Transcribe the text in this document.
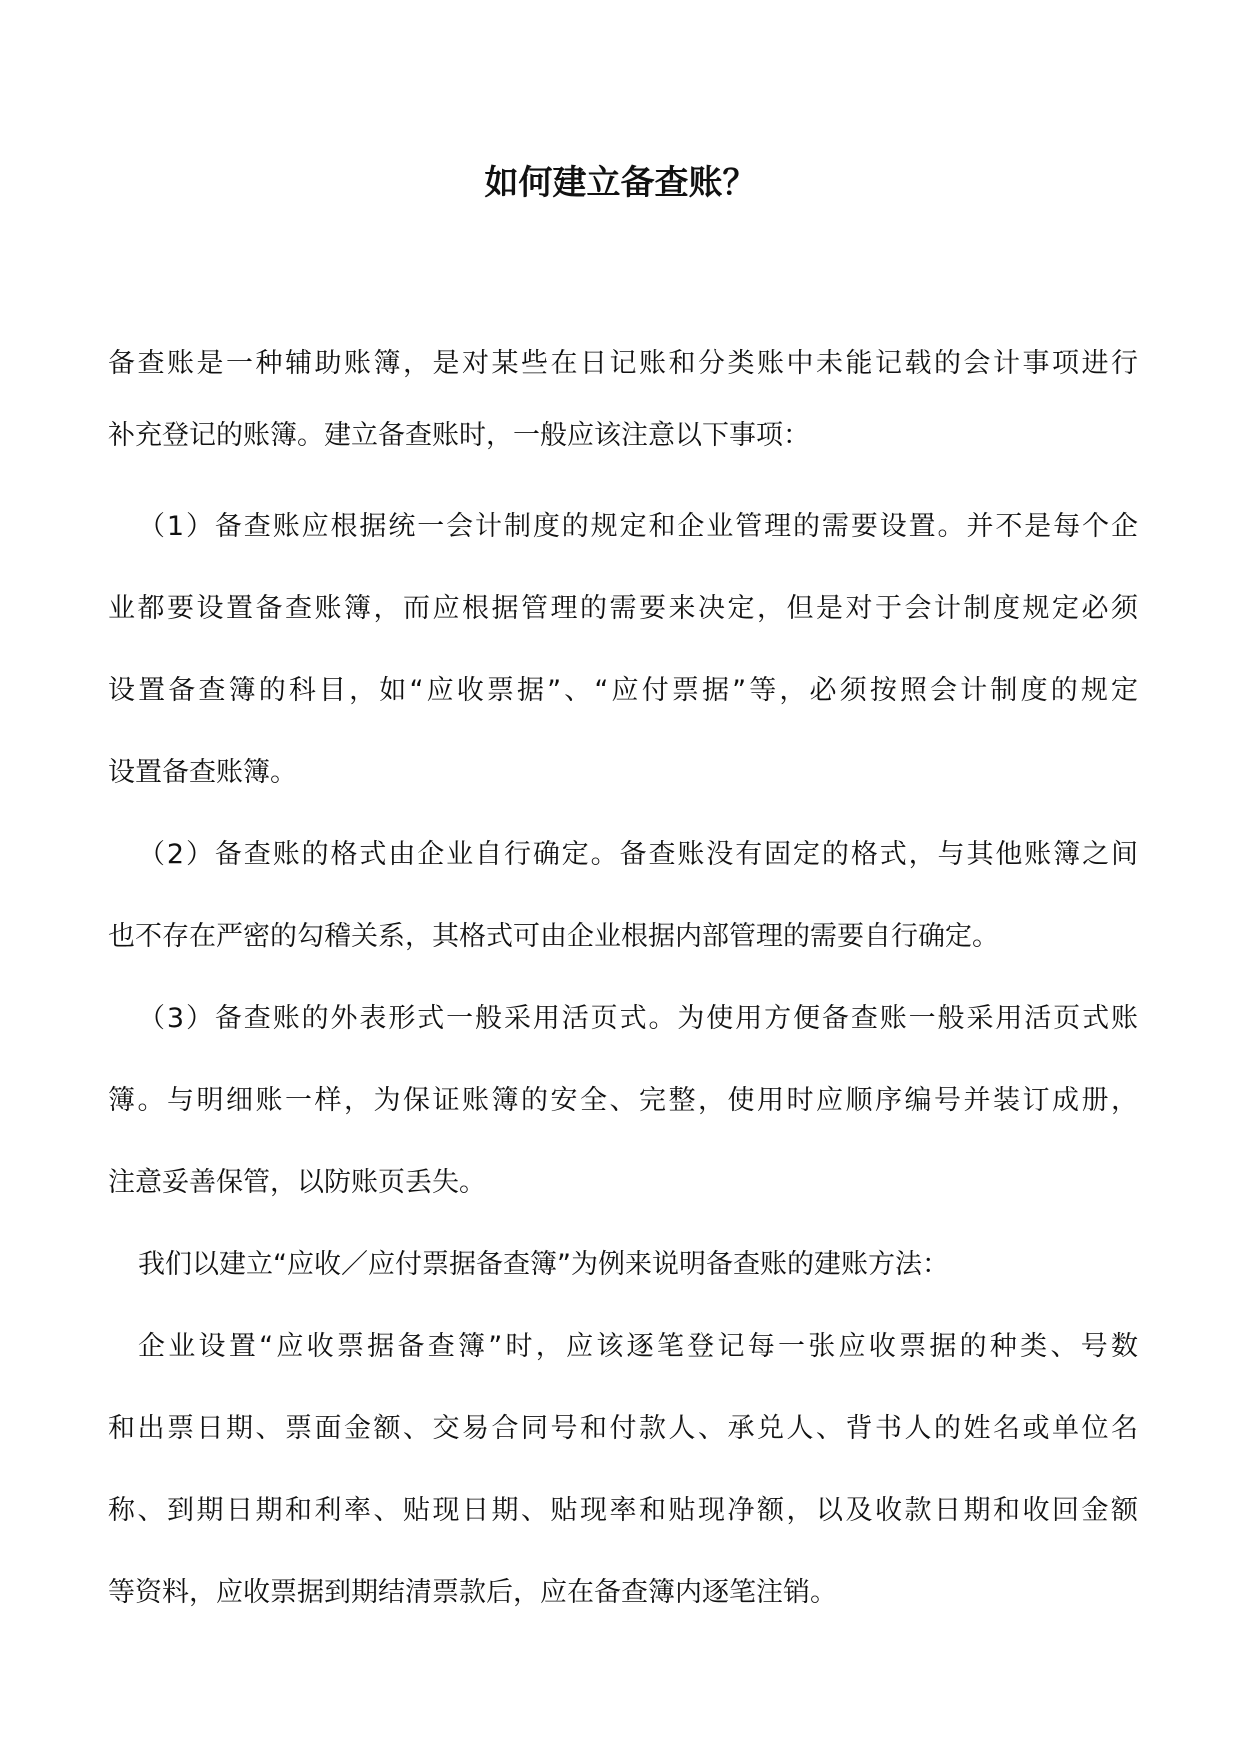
如何建立备查账？

备查账是一种辅助账簿，是对某些在日记账和分类账中未能记载的会计事项进行

补充登记的账簿。建立备查账时，一般应该注意以下事项：

（1）备查账应根据统一会计制度的规定和企业管理的需要设置。并不是每个企

业都要设置备查账簿，而应根据管理的需要来决定，但是对于会计制度规定必须

设置备查簿的科目，如“应收票据”、“应付票据”等，必须按照会计制度的规定

设置备查账簿。

（2）备查账的格式由企业自行确定。备查账没有固定的格式，与其他账簿之间

也不存在严密的勾稽关系，其格式可由企业根据内部管理的需要自行确定。

（3）备查账的外表形式一般采用活页式。为使用方便备查账一般采用活页式账

簿。与明细账一样，为保证账簿的安全、完整，使用时应顺序编号并装订成册，

注意妥善保管，以防账页丢失。

我们以建立“应收／应付票据备查簿”为例来说明备查账的建账方法：

企业设置“应收票据备查簿”时，应该逐笔登记每一张应收票据的种类、号数

和出票日期、票面金额、交易合同号和付款人、承兑人、背书人的姓名或单位名

称、到期日期和利率、贴现日期、贴现率和贴现净额，以及收款日期和收回金额

等资料，应收票据到期结清票款后，应在备查簿内逐笔注销。
